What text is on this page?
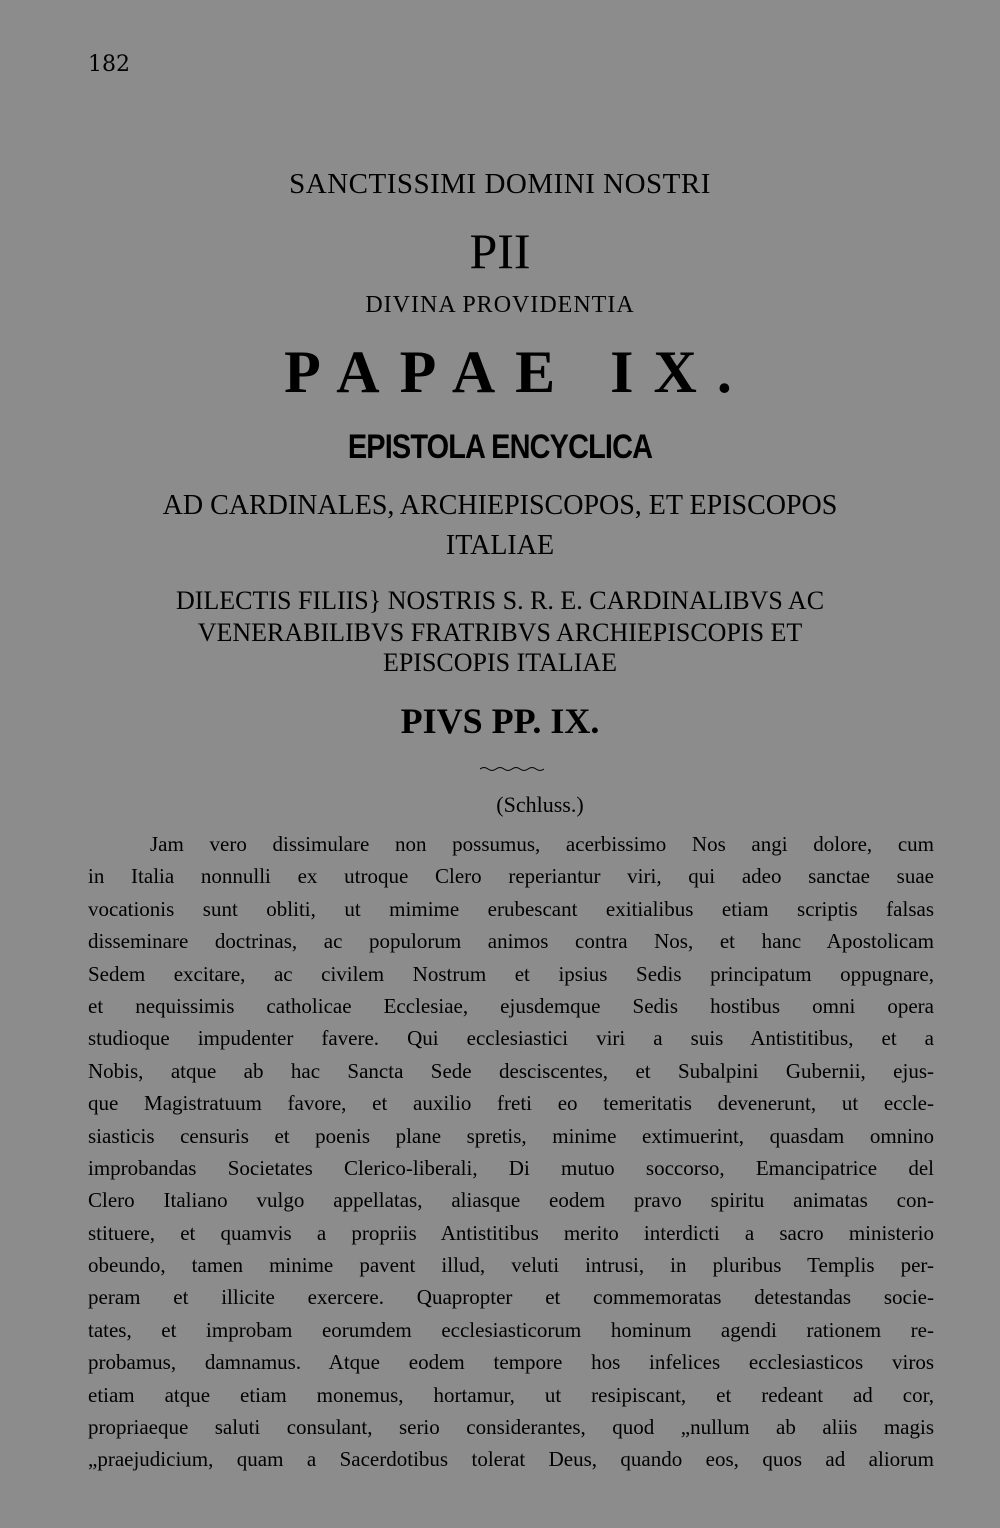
182
SANCTISSIMI DOMINI NOSTRI
PII
DIVINA PROVIDENTIA
PAPAE IX.
EPISTOLA ENCYCLICA
AD CARDINALES, ARCHIEPISCOPOS, ET EPISCOPOS
ITALIAE
DILECTIS FILIIS} NOSTRIS S. R. E. CARDINALIBVS AC
VENERABILIBVS FRATRIBVS ARCHIEPISCOPIS ET
EPISCOPIS ITALIAE
PIVS PP. IX.
(Schluss.)
Jam vero dissimulare non possumus, acerbissimo Nos angi dolore, cum
in Italia nonnulli ex utroque Clero reperiantur viri, qui adeo sanctae suae
vocationis sunt obliti, ut mimime erubescant exitialibus etiam scriptis falsas
disseminare doctrinas, ac populorum animos contra Nos, et hanc Apostolicam
Sedem excitare, ac civilem Nostrum et ipsius Sedis principatum oppugnare,
et nequissimis catholicae Ecclesiae, ejusdemque Sedis hostibus omni opera
studioque impudenter favere. Qui ecclesiastici viri a suis Antistitibus, et a
Nobis, atque ab hac Sancta Sede desciscentes, et Subalpini Gubernii, ejus-
que Magistratuum favore, et auxilio freti eo temeritatis devenerunt, ut eccle-
siasticis censuris et poenis plane spretis, minime extimuerint, quasdam omnino
improbandas Societates Clerico-liberali, Di mutuo soccorso, Emancipatrice del
Clero Italiano vulgo appellatas, aliasque eodem pravo spiritu animatas con-
stituere, et quamvis a propriis Antistitibus merito interdicti a sacro ministerio
obeundo, tamen minime pavent illud, veluti intrusi, in pluribus Templis per-
peram et illicite exercere. Quapropter et commemoratas detestandas socie-
tates, et improbam eorumdem ecclesiasticorum hominum agendi rationem re-
probamus, damnamus. Atque eodem tempore hos infelices ecclesiasticos viros
etiam atque etiam monemus, hortamur, ut resipiscant, et redeant ad cor,
propriaeque saluti consulant, serio considerantes, quod „nullum ab aliis magis
„praejudicium, quam a Sacerdotibus tolerat Deus, quando eos, quos ad aliorum
